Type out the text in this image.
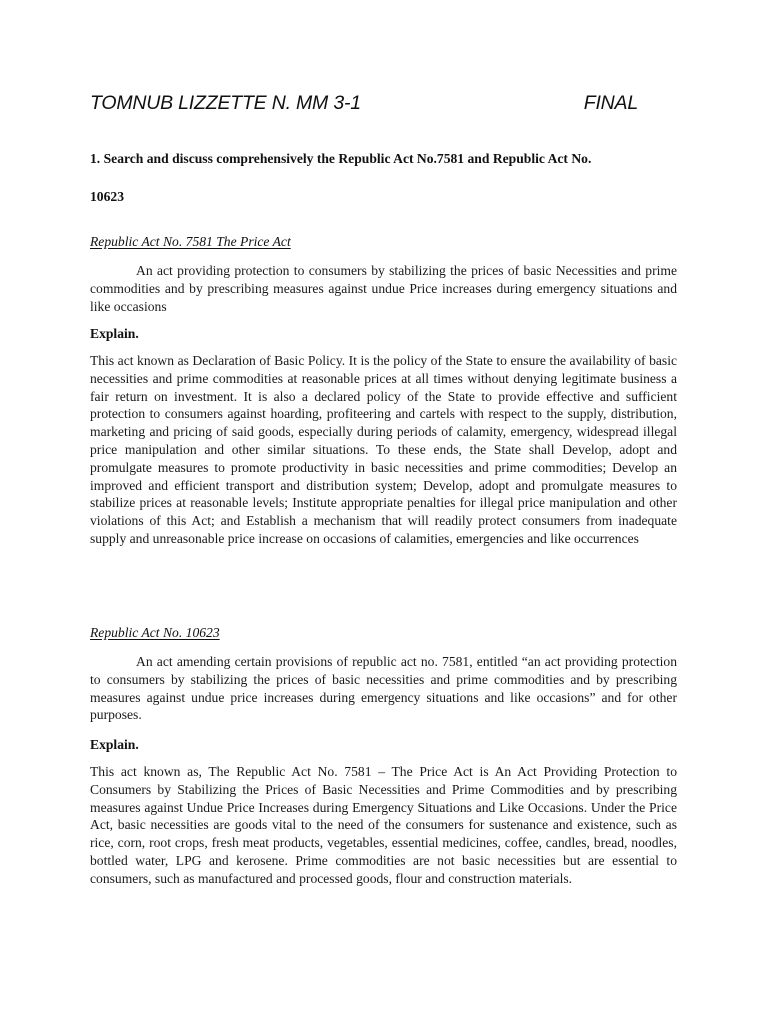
TOMNUB LIZZETTE N. MM 3-1	FINAL
1. Search and discuss comprehensively the Republic Act No.7581 and Republic Act No.
10623
Republic Act No. 7581 The Price Act
An act providing protection to consumers by stabilizing the prices of basic Necessities and prime commodities and by prescribing measures against undue Price increases during emergency situations and like occasions
Explain.
This act known as Declaration of Basic Policy. It is the policy of the State to ensure the availability of basic necessities and prime commodities at reasonable prices at all times without denying legitimate business a fair return on investment. It is also a declared policy of the State to provide effective and sufficient protection to consumers against hoarding, profiteering and cartels with respect to the supply, distribution, marketing and pricing of said goods, especially during periods of calamity, emergency, widespread illegal price manipulation and other similar situations. To these ends, the State shall Develop, adopt and promulgate measures to promote productivity in basic necessities and prime commodities; Develop an improved and efficient transport and distribution system; Develop, adopt and promulgate measures to stabilize prices at reasonable levels; Institute appropriate penalties for illegal price manipulation and other violations of this Act; and Establish a mechanism that will readily protect consumers from inadequate supply and unreasonable price increase on occasions of calamities, emergencies and like occurrences
Republic Act No. 10623
An act amending certain provisions of republic act no. 7581, entitled “an act providing protection to consumers by stabilizing the prices of basic necessities and prime commodities and by prescribing measures against undue price increases during emergency situations and like occasions” and for other purposes.
Explain.
This act known as, The Republic Act No. 7581 – The Price Act is An Act Providing Protection to Consumers by Stabilizing the Prices of Basic Necessities and Prime Commodities and by prescribing measures against Undue Price Increases during Emergency Situations and Like Occasions. Under the Price Act, basic necessities are goods vital to the need of the consumers for sustenance and existence, such as rice, corn, root crops, fresh meat products, vegetables, essential medicines, coffee, candles, bread, noodles, bottled water, LPG and kerosene. Prime commodities are not basic necessities but are essential to consumers, such as manufactured and processed goods, flour and construction materials.
